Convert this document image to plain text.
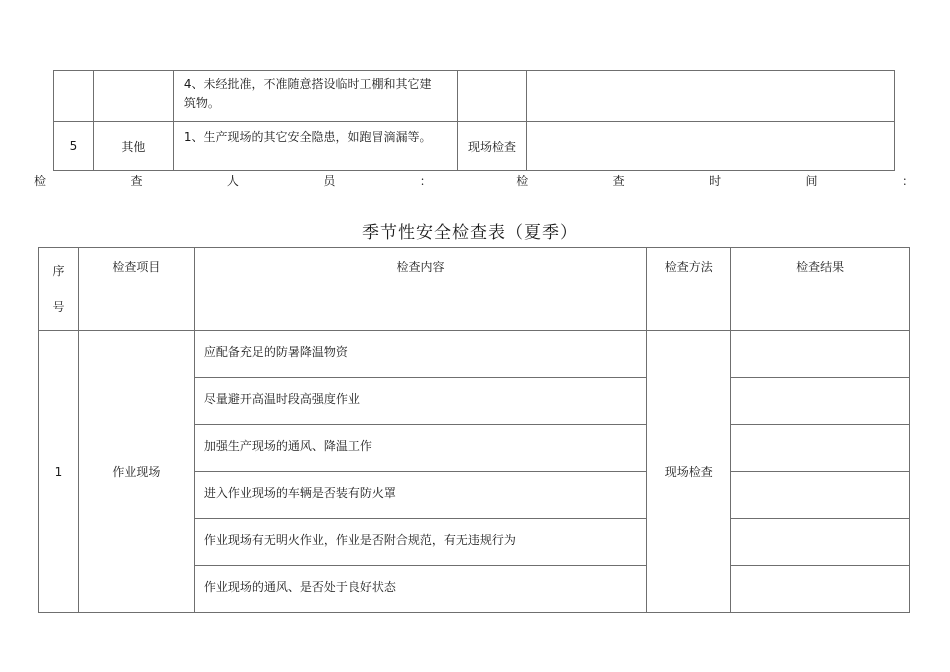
		4、未经批准，不准随意搭设临时工棚和其它建
筑物。		

5	其他	1、生产现场的其它安全隐患，如跑冒滴漏等。	现场检查	
检	查	人	员	：	检	查	时	间	：
季节性安全检查表（夏季）
序
号	检查项目	检查内容	检查方法	检查结果
1	作业现场	应配备充足的防暑降温物资	现场检查	
		尽量避开高温时段高强度作业		
		加强生产现场的通风、降温工作		
		进入作业现场的车辆是否装有防火罩		
		作业现场有无明火作业，作业是否附合规范，有无违规行为		
		作业现场的通风、是否处于良好状态		
